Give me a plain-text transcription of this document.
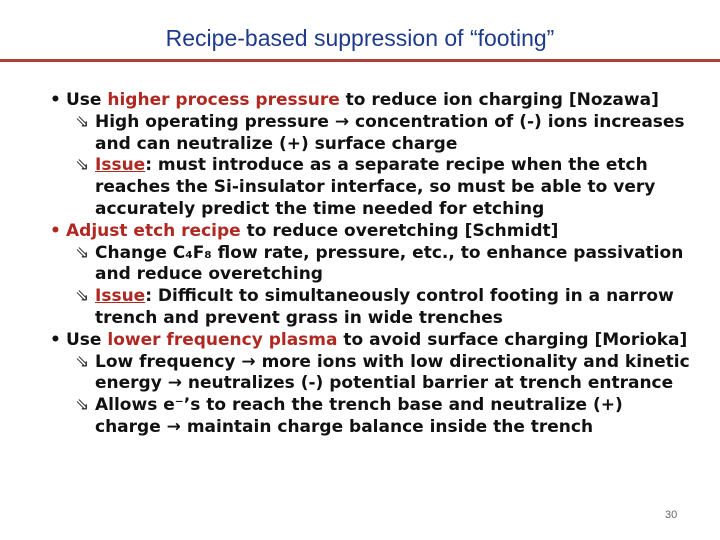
Recipe-based suppression of “footing”
• Use higher process pressure to reduce ion charging [Nozawa]
⇘ High operating pressure → concentration of (-) ions increases and can neutralize (+) surface charge
⇘ Issue: must introduce as a separate recipe when the etch reaches the Si-insulator interface, so must be able to very accurately predict the time needed for etching
• Adjust etch recipe to reduce overetching [Schmidt]
⇘ Change C₄F₈ flow rate, pressure, etc., to enhance passivation and reduce overetching
⇘ Issue: Difficult to simultaneously control footing in a narrow trench and prevent grass in wide trenches
• Use lower frequency plasma to avoid surface charging [Morioka]
⇘ Low frequency → more ions with low directionality and kinetic energy → neutralizes (-) potential barrier at trench entrance
⇘ Allows e⁻’s to reach the trench base and neutralize (+) charge → maintain charge balance inside the trench
30
